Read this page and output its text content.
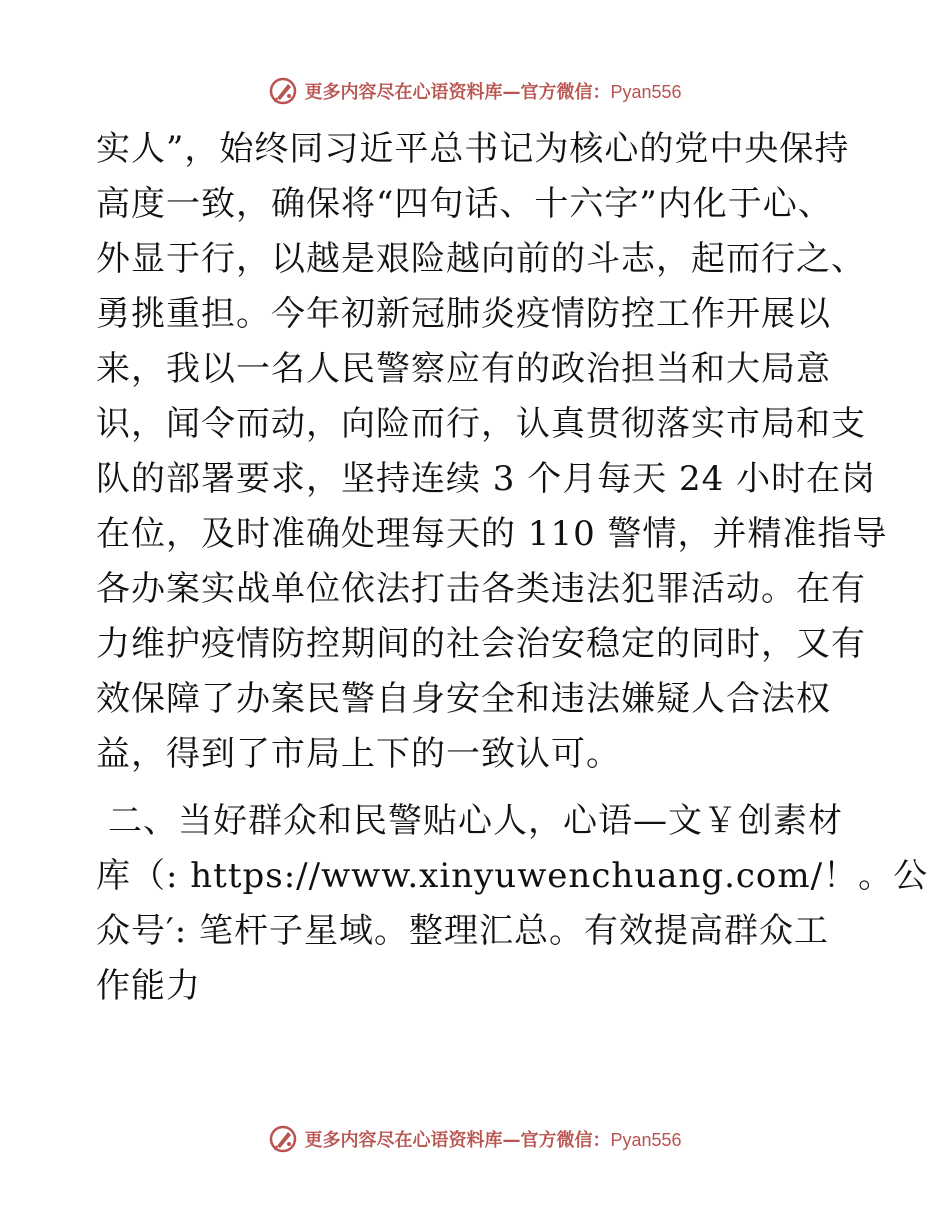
更多内容尽在心语资料库—官方微信：Pyan556
实人”，始终同习近平总书记为核心的党中央保持
高度一致，确保将“四句话、十六字”内化于心、
外显于行，以越是艰险越向前的斗志，起而行之、
勇挑重担。今年初新冠肺炎疫情防控工作开展以
来，我以一名人民警察应有的政治担当和大局意
识，闻令而动，向险而行，认真贯彻落实市局和支
队的部署要求，坚持连续 3 个月每天 24 小时在岗
在位，及时准确处理每天的 110 警情，并精准指导
各办案实战单位依法打击各类违法犯罪活动。在有
力维护疫情防控期间的社会治安稳定的同时，又有
效保障了办案民警自身安全和违法嫌疑人合法权
益，得到了市局上下的一致认可。
二、当好群众和民警贴心人，心语—文￥创素材
库（: https://www.xinyuwenchuang.com/！。公
众号′: 笔杆子星域。整理汇总。有效提高群众工
作能力
更多内容尽在心语资料库—官方微信：Pyan556
